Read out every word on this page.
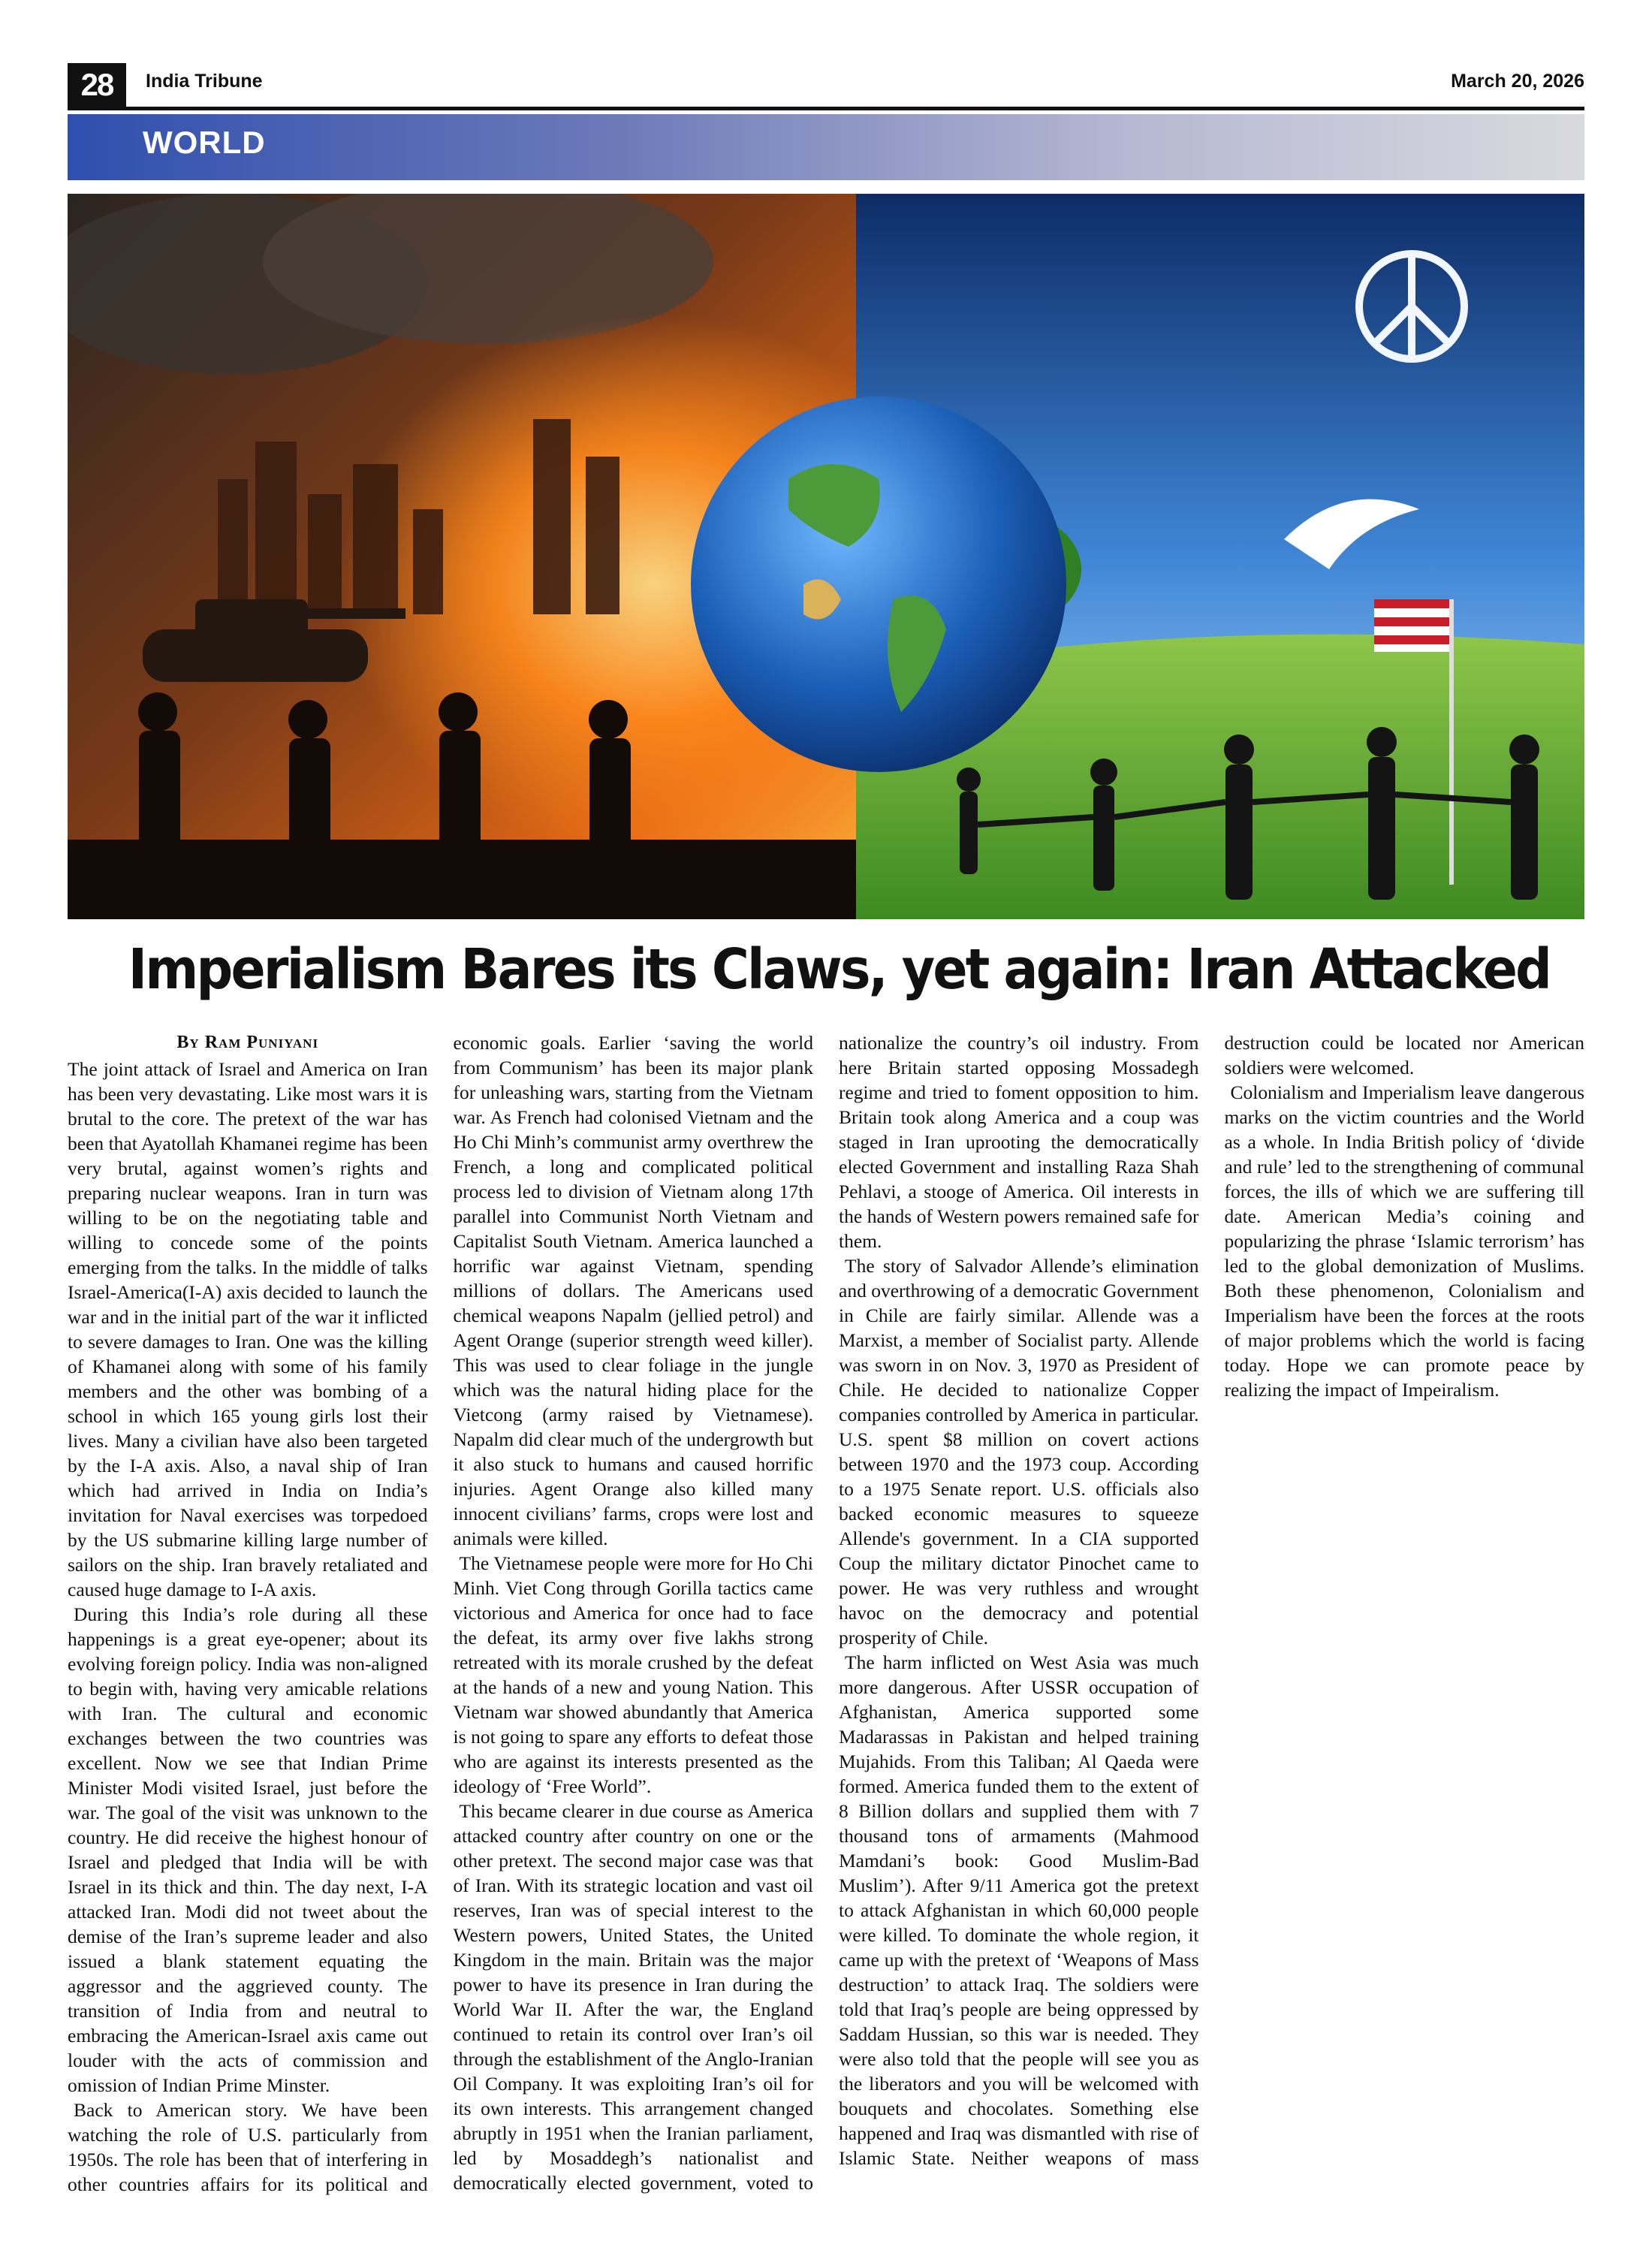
28	India Tribune	March 20, 2026
WORLD
Imperialism Bares its Claws, yet again: Iran Attacked
By Ram Puniyani

The joint attack of Israel and America on Iran has been very devastating. Like most wars it is brutal to the core. The pretext of the war has been that Ayatollah Khamanei regime has been very brutal, against women’s rights and preparing nuclear weapons. Iran in turn was willing to be on the negotiating table and willing to concede some of the points emerging from the talks. In the middle of talks Israel-America(I-A) axis decided to launch the war and in the initial part of the war it inflicted to severe damages to Iran. One was the killing of Khamanei along with some of his family members and the other was bombing of a school in which 165 young girls lost their lives. Many a civilian have also been targeted by the I-A axis. Also, a naval ship of Iran which had arrived in India on India’s invitation for Naval exercises was torpedoed by the US submarine killing large number of sailors on the ship. Iran bravely retaliated and caused huge damage to I-A axis.

During this India’s role during all these happenings is a great eye-opener; about its evolving foreign policy. India was non-aligned to begin with, having very amicable relations with Iran. The cultural and economic exchanges between the two countries was excellent. Now we see that Indian Prime Minister Modi visited Israel, just before the war. The goal of the visit was unknown to the country. He did receive the highest honour of Israel and pledged that India will be with Israel in its thick and thin. The day next, I-A attacked Iran. Modi did not tweet about the demise of the Iran’s supreme leader and also issued a blank statement equating the aggressor and the aggrieved county. The transition of India from and neutral to embracing the American-Israel axis came out louder with the acts of commission and omission of Indian Prime Minster.

Back to American story. We have been watching the role of U.S. particularly from 1950s. The role has been that of interfering in other countries affairs for its political and economic goals. Earlier ‘saving the world from Communism’ has been its major plank for unleashing wars, starting from the Vietnam war. As French had colonised Vietnam and the Ho Chi Minh’s communist army overthrew the French, a long and complicated political process led to division of Vietnam along 17th parallel into Communist North Vietnam and Capitalist South Vietnam. America launched a horrific war against Vietnam, spending millions of dollars. The Americans used chemical weapons Napalm (jellied petrol) and Agent Orange (superior strength weed killer). This was used to clear foliage in the jungle which was the natural hiding place for the Vietcong (army raised by Vietnamese). Napalm did clear much of the undergrowth but it also stuck to humans and caused horrific injuries. Agent Orange also killed many innocent civilians’ farms, crops were lost and animals were killed.

The Vietnamese people were more for Ho Chi Minh. Viet Cong through Gorilla tactics came victorious and America for once had to face the defeat, its army over five lakhs strong retreated with its morale crushed by the defeat at the hands of a new and young Nation. This Vietnam war showed abundantly that America is not going to spare any efforts to defeat those who are against its interests presented as the ideology of ‘Free World”.

This became clearer in due course as America attacked country after country on one or the other pretext. The second major case was that of Iran. With its strategic location and vast oil reserves, Iran was of special interest to the Western powers, United States, the United Kingdom in the main. Britain was the major power to have its presence in Iran during the World War II. After the war, the England continued to retain its control over Iran’s oil through the establishment of the Anglo-Iranian Oil Company. It was exploiting Iran’s oil for its own interests. This arrangement changed abruptly in 1951 when the Iranian parliament, led by Mosaddegh’s nationalist and democratically elected government, voted to nationalize the country’s oil industry. From here Britain started opposing Mossadegh regime and tried to foment opposition to him. Britain took along America and a coup was staged in Iran uprooting the democratically elected Government and installing Raza Shah Pehlavi, a stooge of America. Oil interests in the hands of Western powers remained safe for them.

The story of Salvador Allende’s elimination and overthrowing of a democratic Government in Chile are fairly similar. Allende was a Marxist, a member of Socialist party. Allende was sworn in on Nov. 3, 1970 as President of Chile. He decided to nationalize Copper companies controlled by America in particular. U.S. spent $8 million on covert actions between 1970 and the 1973 coup. According to a 1975 Senate report. U.S. officials also backed economic measures to squeeze Allende's government. In a CIA supported Coup the military dictator Pinochet came to power. He was very ruthless and wrought havoc on the democracy and potential prosperity of Chile.

The harm inflicted on West Asia was much more dangerous. After USSR occupation of Afghanistan, America supported some Madarassas in Pakistan and helped training Mujahids. From this Taliban; Al Qaeda were formed. America funded them to the extent of 8 Billion dollars and supplied them with 7 thousand tons of armaments (Mahmood Mamdani’s book: Good Muslim-Bad Muslim’). After 9/11 America got the pretext to attack Afghanistan in which 60,000 people were killed. To dominate the whole region, it came up with the pretext of ‘Weapons of Mass destruction’ to attack Iraq. The soldiers were told that Iraq’s people are being oppressed by Saddam Hussian, so this war is needed. They were also told that the people will see you as the liberators and you will be welcomed with bouquets and chocolates. Something else happened and Iraq was dismantled with rise of Islamic State. Neither weapons of mass destruction could be located nor American soldiers were welcomed.

Colonialism and Imperialism leave dangerous marks on the victim countries and the World as a whole. In India British policy of ‘divide and rule’ led to the strengthening of communal forces, the ills of which we are suffering till date. American Media’s coining and popularizing the phrase ‘Islamic terrorism’ has led to the global demonization of Muslims. Both these phenomenon, Colonialism and Imperialism have been the forces at the roots of major problems which the world is facing today. Hope we can promote peace by realizing the impact of Impeiralism.
